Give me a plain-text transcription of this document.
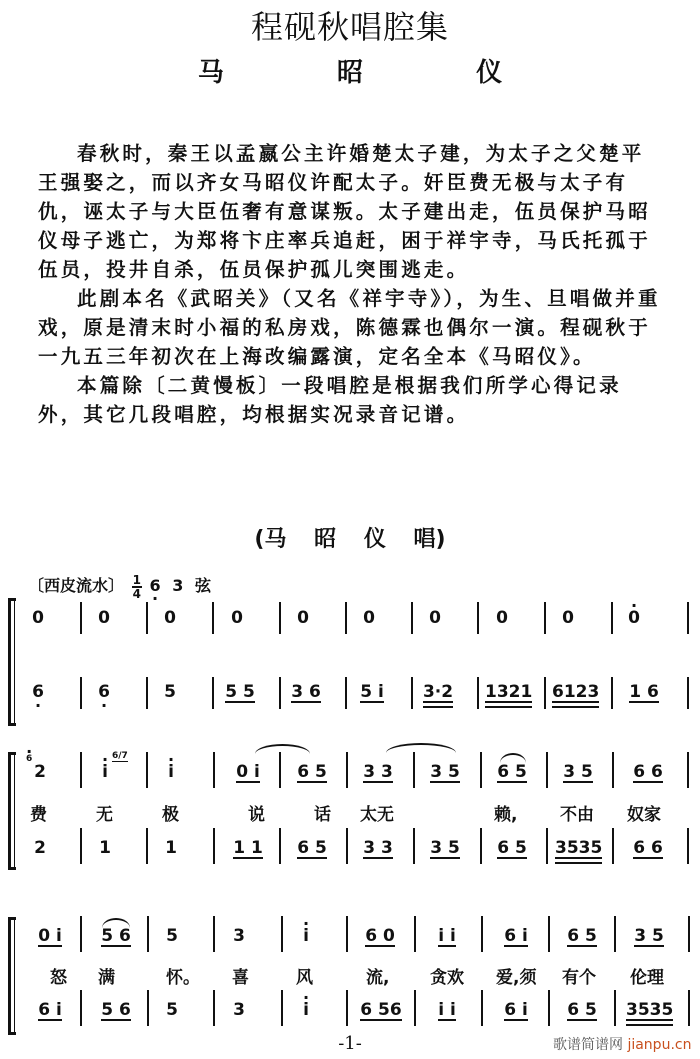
程砚秋唱腔集
马	昭	仪

春秋时，秦王以孟嬴公主许婚楚太子建，为太子之父楚平王强娶之，而以齐女马昭仪许配太子。奸臣费无极与太子有仇，诬太子与大臣伍奢有意谋叛。太子建出走，伍员保护马昭仪母子逃亡，为郑将卞庄率兵追赶，困于祥宇寺，马氏托孤于伍员，投井自杀，伍员保护孤儿突围逃走。

此剧本名《武昭关》（又名《祥宇寺》），为生、旦唱做并重戏，原是清末时小福的私房戏，陈德霖也偶尔一演。程砚秋于一九五三年初次在上海改编露演，定名全本《马昭仪》。

本篇除〔二黄慢板〕一段唱腔是根据我们所学心得记录外，其它几段唱腔，均根据实况录音记谱。

(马 昭 仪 唱)
〔西皮流水〕 $\frac{1}{4} 6 \cdot 3$ 弦
0	0	0	0	0	0	0	0	0	· 0
6 ·	6 ·	5	5 5	3 6	5 i	3·2 1321 6123	1 6
· 6	6/7
2	· i	· i	0 i	6 5	3 3	3 5	6 5	3 5	6 6
费	无	极	说	话 太无	赖,	不由 奴家
2	1	1	1 1	6 5	3 3	3 5	6 5	3535	6 6
0 i	5 6	5	3	· i	6 0	i i	6 i	6 5	3 5
怒 满	怀。 喜	风	流, 贪欢 爱,须 有个 伦理
6 i	5 6	5	3	· i	6 56	i i	6 i	6 5	3535
-1-	歌谱简谱网 jianpu.cn
